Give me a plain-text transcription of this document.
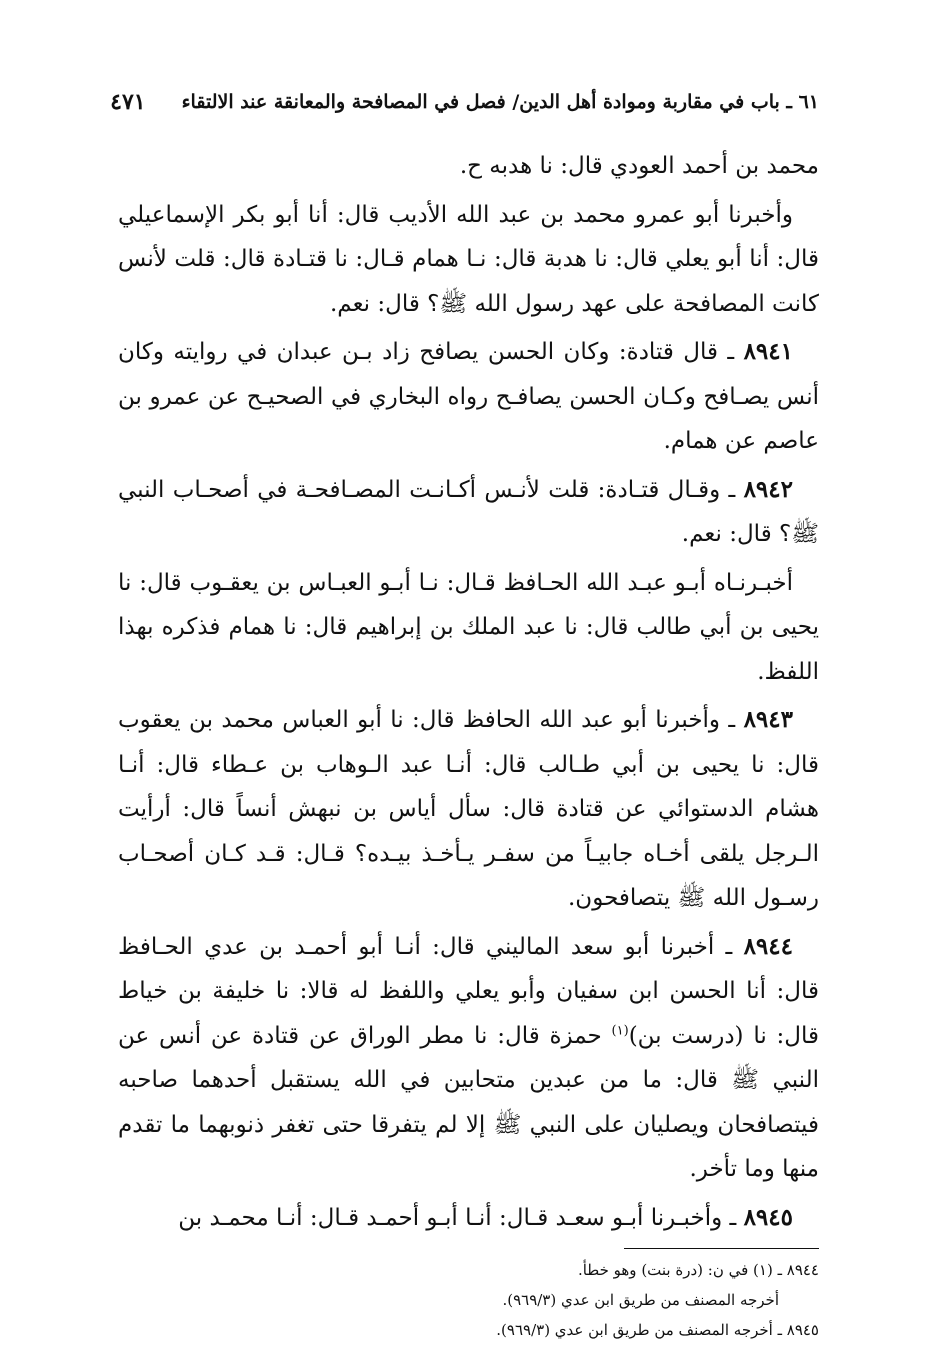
٦١ ـ باب في مقاربة وموادة أهل الدين/ فصل في المصافحة والمعانقة عند الالتقاء
٤٧١

محمد بن أحمد العودي قال: نا هدبه ح.

وأخبرنا أبو عمرو محمد بن عبد الله الأديب قال: أنا أبو بكر الإسماعيلي قال: أنا أبو يعلي قال: نا هدبة قال: نـا همام قـال: نا قتـادة قال: قلت لأنس كانت المصافحة على عهد رسول الله ﷺ؟ قال: نعم.

٨٩٤١ ـ قال قتادة: وكان الحسن يصافح زاد بـن عبدان في روايته وكان أنس يصـافح وكـان الحسن يصافـح رواه البخاري في الصحيـح عن عمرو بن عاصم عن همام.

٨٩٤٢ ـ وقـال قتـادة: قلت لأنـس أكـانـت المصـافحـة في أصحـاب النبي ﷺ؟ قال: نعم.

أخبـرنـاه أبـو عبـد الله الحـافظ قـال: نـا أبـو العبـاس بن يعقـوب قال: نا يحيى بن أبي طالب قال: نا عبد الملك بن إبراهيم قال: نا همام فذكره بهذا اللفظ.

٨٩٤٣ ـ وأخبرنا أبو عبد الله الحافظ قال: نا أبو العباس محمد بن يعقوب قال: نا يحيى بن أبي طـالب قال: أنـا عبد الـوهاب بن عـطاء قال: أنـا هشام الدستوائي عن قتادة قال: سأل أياس بن نبهش أنساً قال: أرأيت الـرجل يلقى أخـاه جابيـاً من سفـر يـأخـذ بيـده؟ قـال: قـد كـان أصحـاب رسـول الله ﷺ يتصافحون.

٨٩٤٤ ـ أخبرنا أبو سعد الماليني قال: أنـا أبو أحمـد بن عدي الحـافظ قال: أنا الحسن ابن سفيان وأبو يعلي واللفظ له قالا: نا خليفة بن خياط قال: نا (درست بن)$^{(١)}$ حمزة قال: نا مطر الوراق عن قتادة عن أنس عن النبي ﷺ قال: ما من عبدين متحابين في الله يستقبل أحدهما صاحبه فيتصافحان ويصليان على النبي ﷺ إلا لم يتفرقا حتى تغفر ذنوبهما ما تقدم منها وما تأخر.

٨٩٤٥ ـ وأخبـرنا أبـو سعـد قـال: أنـا أبـو أحمـد قـال: أنـا محمـد بن

٨٩٤٤ ـ (١) في ن: (درة بنت) وهو خطأ.

أخرجه المصنف من طريق ابن عدي (٩٦٩/٣).

٨٩٤٥ ـ أخرجه المصنف من طريق ابن عدي (٩٦٩/٣).
